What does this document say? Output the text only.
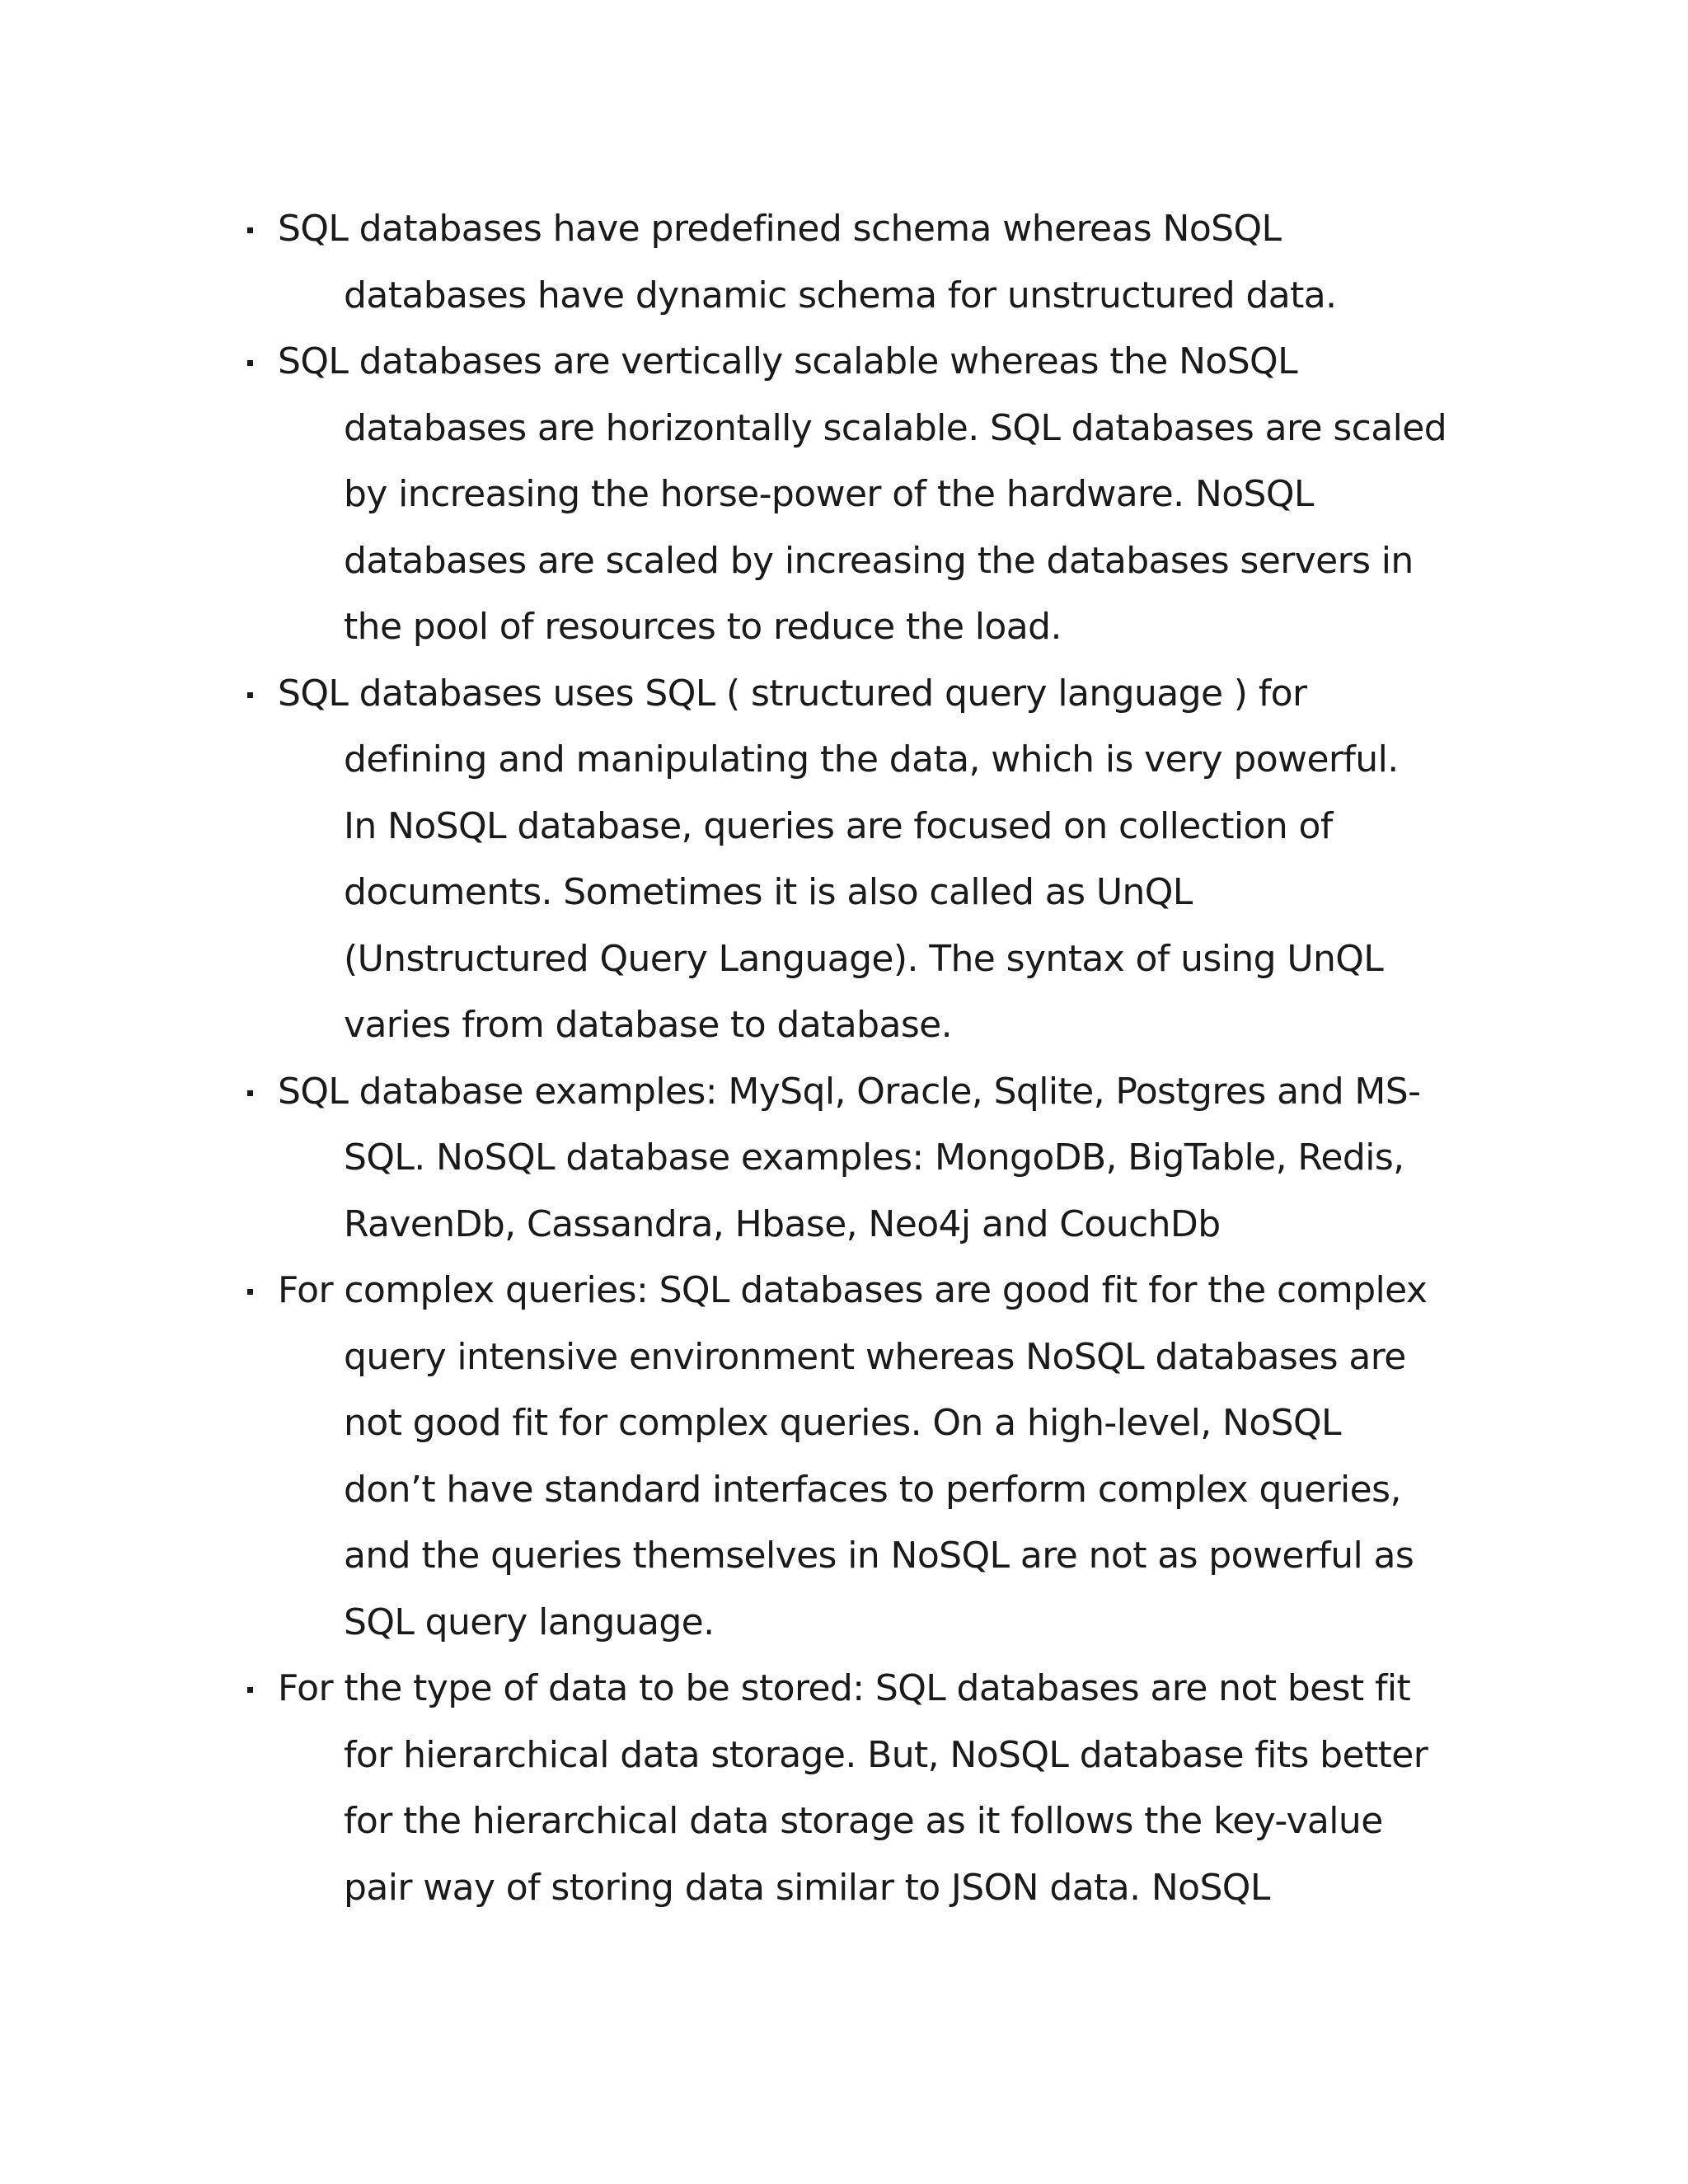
SQL databases have predefined schema whereas NoSQL
databases have dynamic schema for unstructured data.
SQL databases are vertically scalable whereas the NoSQL
databases are horizontally scalable. SQL databases are scaled
by increasing the horse-power of the hardware. NoSQL
databases are scaled by increasing the databases servers in
the pool of resources to reduce the load.
SQL databases uses SQL ( structured query language ) for
defining and manipulating the data, which is very powerful.
In NoSQL database, queries are focused on collection of
documents. Sometimes it is also called as UnQL
(Unstructured Query Language). The syntax of using UnQL
varies from database to database.
SQL database examples: MySql, Oracle, Sqlite, Postgres and MS-
SQL. NoSQL database examples: MongoDB, BigTable, Redis,
RavenDb, Cassandra, Hbase, Neo4j and CouchDb
For complex queries: SQL databases are good fit for the complex
query intensive environment whereas NoSQL databases are
not good fit for complex queries. On a high-level, NoSQL
don’t have standard interfaces to perform complex queries,
and the queries themselves in NoSQL are not as powerful as
SQL query language.
For the type of data to be stored: SQL databases are not best fit
for hierarchical data storage. But, NoSQL database fits better
for the hierarchical data storage as it follows the key-value
pair way of storing data similar to JSON data. NoSQL
